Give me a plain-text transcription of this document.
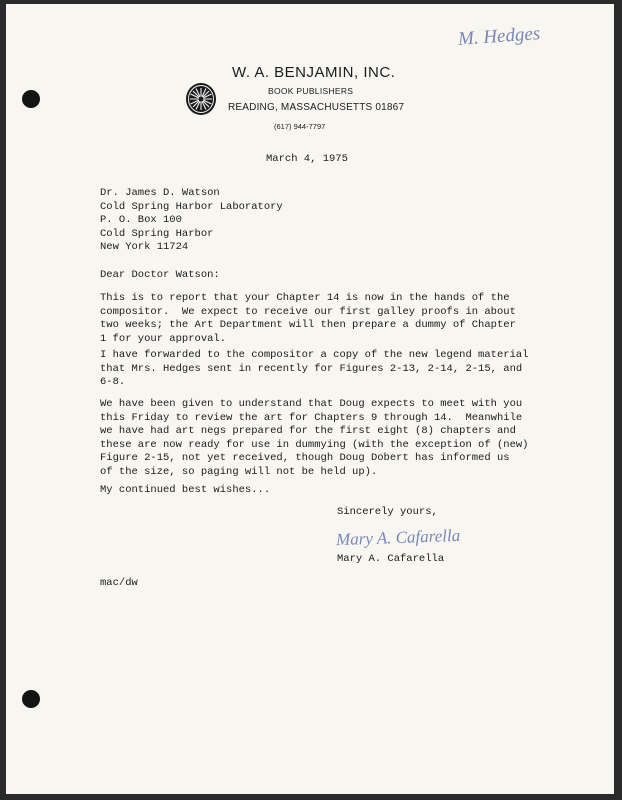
M. Hedges
W. A. BENJAMIN, INC.
BOOK PUBLISHERS
READING, MASSACHUSETTS 01867
(617) 944-7797
March 4, 1975

Dr. James D. Watson

Cold Spring Harbor Laboratory

P. O. Box 100

Cold Spring Harbor

New York 11724

Dear Doctor Watson:

This is to report that your Chapter 14 is now in the hands of the

compositor.  We expect to receive our first galley proofs in about

two weeks; the Art Department will then prepare a dummy of Chapter

1 for your approval.

I have forwarded to the compositor a copy of the new legend material

that Mrs. Hedges sent in recently for Figures 2-13, 2-14, 2-15, and

6-8.

We have been given to understand that Doug expects to meet with you

this Friday to review the art for Chapters 9 through 14.  Meanwhile

we have had art negs prepared for the first eight (8) chapters and

these are now ready for use in dummying (with the exception of (new)

Figure 2-15, not yet received, though Doug Dobert has informed us

of the size, so paging will not be held up).

My continued best wishes...
Sincerely yours,
Mary A. Cafarella
Mary A. Cafarella
mac/dw
